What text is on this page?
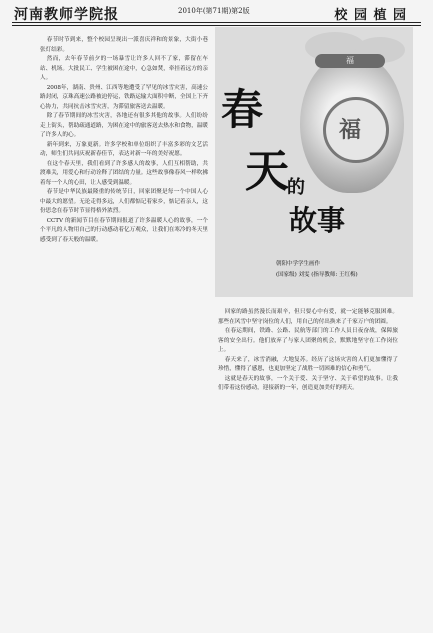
河南教师学院报	2010年(第71期)第2版	校 园 植 园

春节时节到来，整个校园呈现出一派喜庆祥和的景象，大街小巷张灯结彩。

然而，去年春节前夕的一场暴雪让许多人回不了家，滞留在车站、机场。大批民工、学生被困在途中，心急如焚，牵挂着远方的亲人。

2008年，湖南、贵州、江西等地遭受了罕见的冰雪灾害，高速公路封闭，京珠高速公路被迫停运，铁路运输大面积中断，全国上下齐心协力，共同抗击冰雪灾害，为滞留旅客送去温暖。

除了春节期间的冰雪灾害，各地还有很多其他的故事。人们纷纷走上街头，帮助疏通道路，为困在途中的旅客送去热水和食物，温暖了许多人的心。

新年到来，万象更新。许多学校和单位组织了丰富多彩的文艺活动，师生们共同庆祝新春佳节，表达对新一年的美好祝愿。

在这个春天里，我们看到了许多感人的故事，人们互相帮助，共渡难关，用爱心和行动诠释了团结的力量。这些故事像春风一样吹拂着每一个人的心田，让人感受到温暖。

春节是中华民族最隆重的传统节日，回家团聚是每一个中国人心中最大的愿望。无论走得多远，人们都惦记着家乡，惦记着亲人，这份思念在春节时节显得格外浓烈。

CCTV 的新闻节目在春节期间报道了许多温暖人心的故事，一个个平凡的人物用自己的行动感动着亿万观众，让我们在寒冷的冬天里感受到了春天般的温暖。

福
福
春
天
的
故事
朝阳中学学生画作
(国家级) 刘雯 (指导教师: 王红梅)

回家的路虽然漫长而艰辛，但只要心中有爱，就一定能够克服困难。那些在风雪中坚守岗位的人们，用自己的付出换来了千家万户的团圆。

在春运期间，铁路、公路、民航等部门的工作人员日夜奋战，保障旅客的安全出行。他们放弃了与家人团聚的机会，默默地坚守在工作岗位上。

春天来了，冰雪消融，大地复苏。经历了这场灾害的人们更加懂得了珍惜，懂得了感恩，也更加坚定了战胜一切困难的信心和勇气。

这就是春天的故事，一个关于爱、关于坚守、关于希望的故事。让我们带着这份感动，迎接新的一年，创造更加美好的明天。
